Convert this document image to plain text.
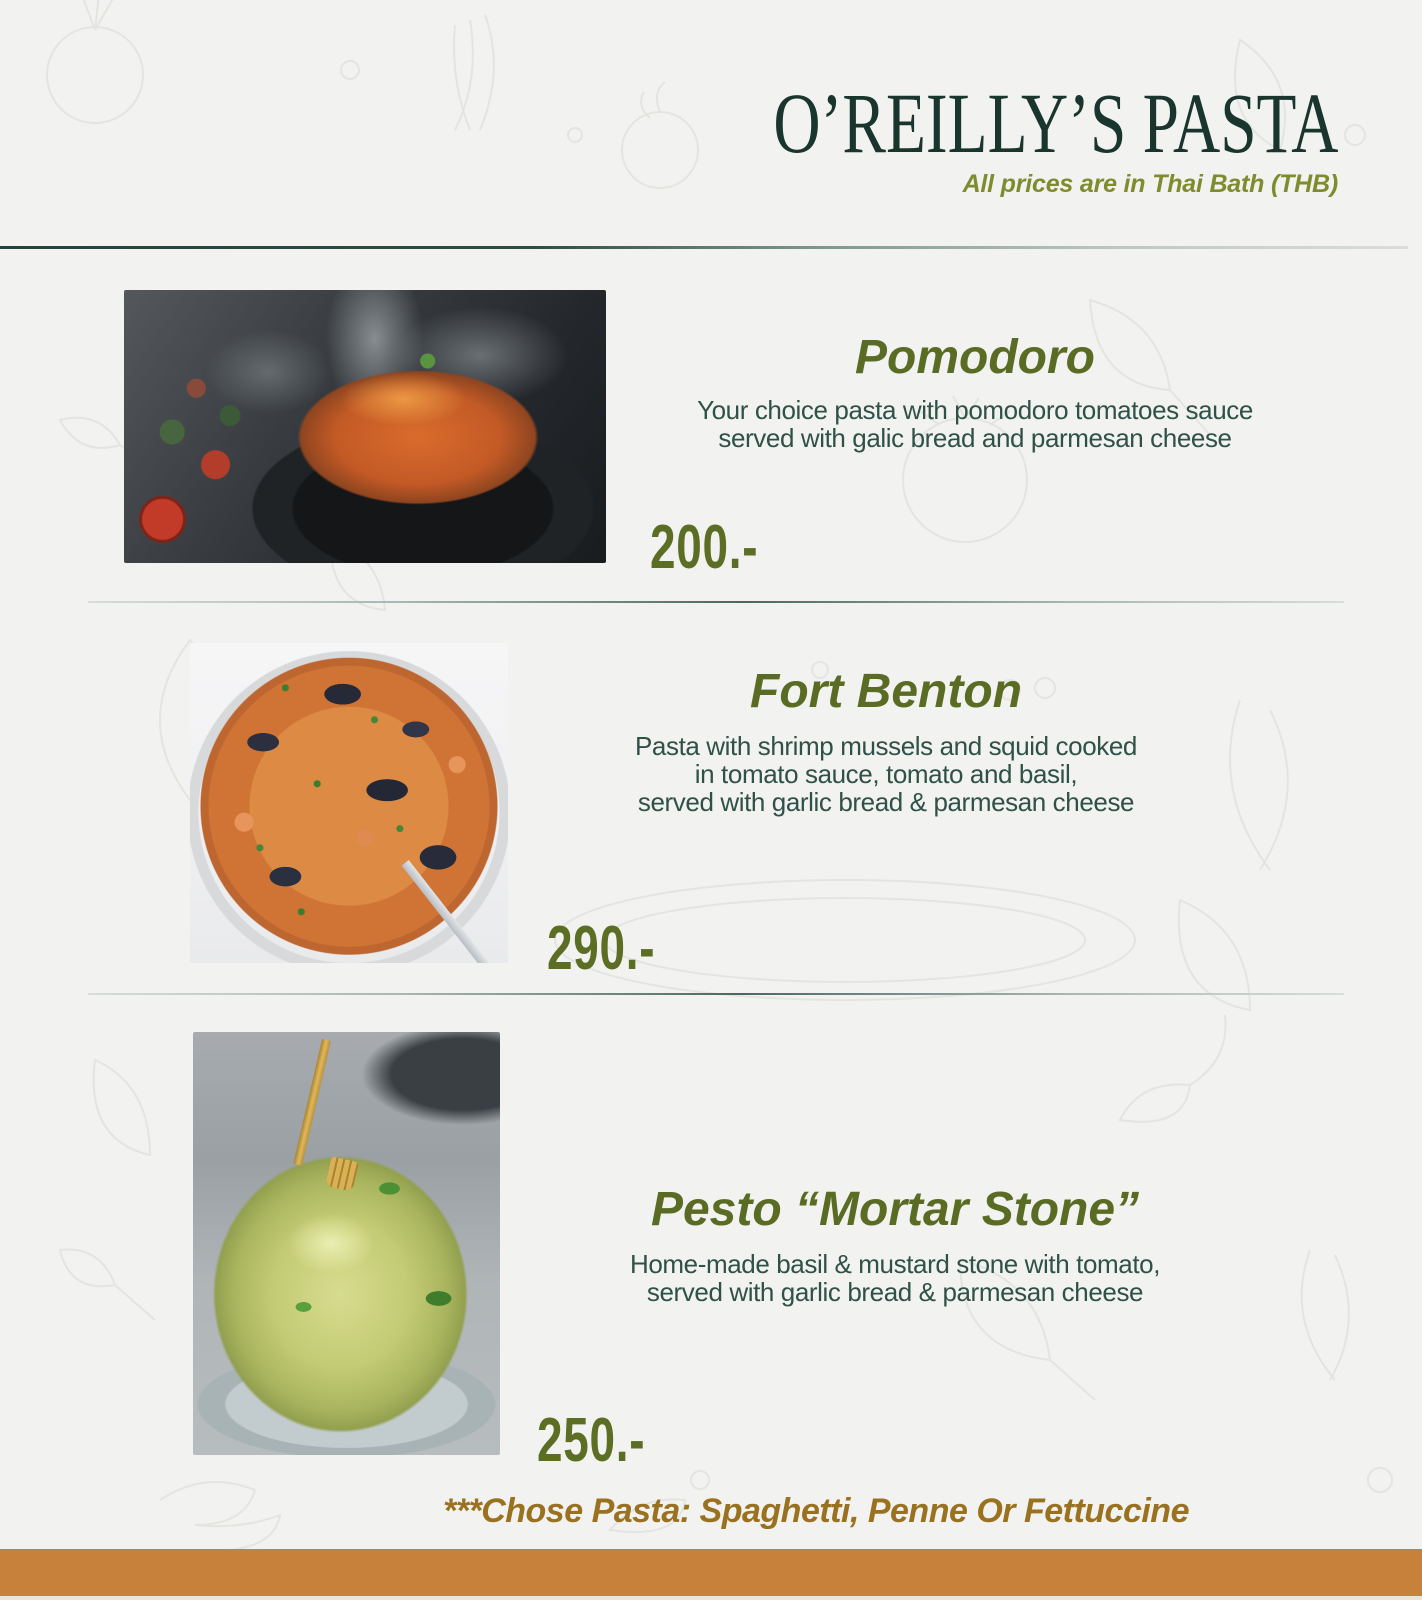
O’REILLY’S PASTA
All prices are in Thai Bath (THB)
Pomodoro
Your choice pasta with pomodoro tomatoes sauce
served with galic bread and parmesan cheese
200.-
Fort Benton
Pasta with shrimp mussels and squid cooked
in tomato sauce, tomato and basil,
served with garlic bread & parmesan cheese
290.-
Pesto “Mortar Stone”
Home-made basil & mustard stone with tomato,
served with garlic bread & parmesan cheese
250.-
***Chose Pasta: Spaghetti, Penne Or Fettuccine
